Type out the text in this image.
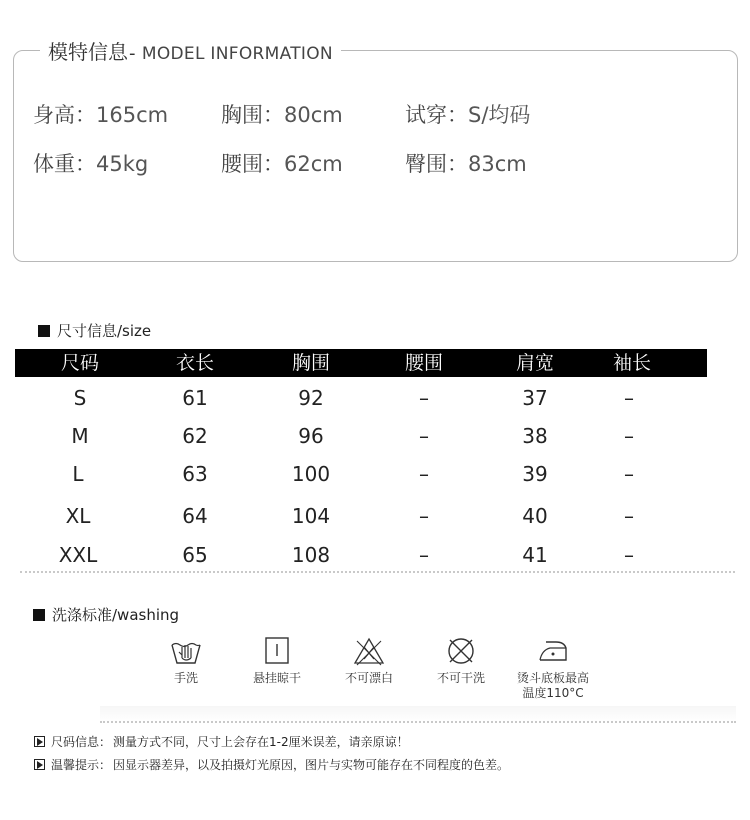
模特信息- MODEL INFORMATION
身高：165cm	胸围：80cm	试穿：S/均码
体重：45kg	腰围：62cm	臀围：83cm
尺寸信息/size
尺码	衣长	胸围	腰围	肩宽	袖长
S	61	92	–	37	–
M	62	96	–	38	–
L	63	100	–	39	–
XL	64	104	–	40	–
XXL	65	108	–	41	–
洗涤标准/washing
手洗	悬挂晾干	不可漂白	不可干洗	烫斗底板最高
温度110°C
尺码信息： 测量方式不同，尺寸上会存在1-2厘米误差，请亲原谅！
温馨提示： 因显示器差异，以及拍摄灯光原因，图片与实物可能存在不同程度的色差。
